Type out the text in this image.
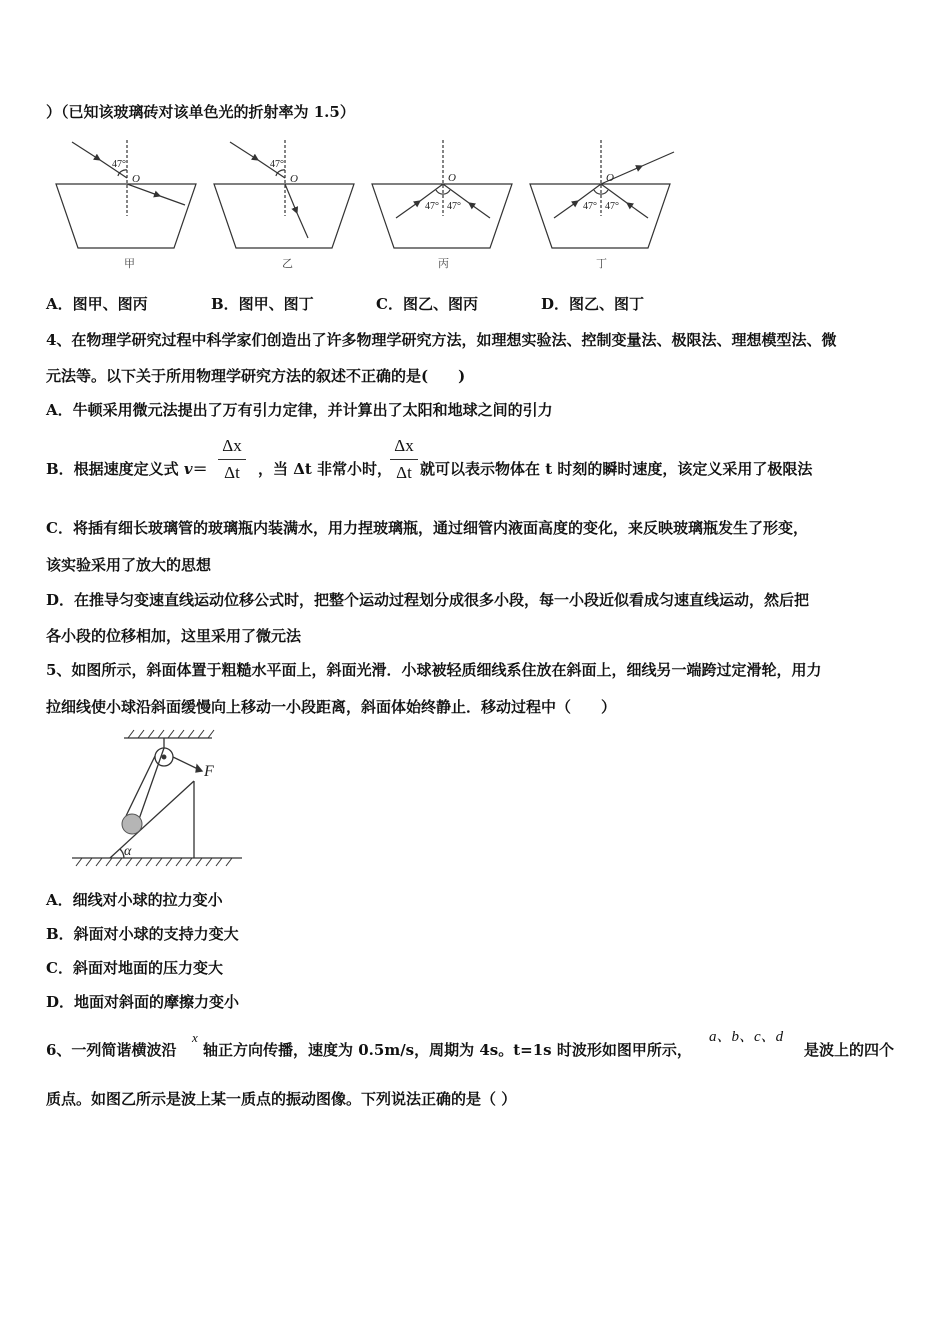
）（已知该玻璃砖对该单色光的折射率为 1.5）
47°
O
47°
O	O
47° 47°
O
47° 47°
甲	乙	丙	丁
A．图甲、图丙	B．图甲、图丁	C．图乙、图丙	D．图乙、图丁
4、在物理学研究过程中科学家们创造出了许多物理学研究方法，如理想实验法、控制变量法、极限法、理想模型法、微
元法等。以下关于所用物理学研究方法的叙述不正确的是(　　)
A．牛顿采用微元法提出了万有引力定律，并计算出了太阳和地球之间的引力
B．根据速度定义式 v＝
Δx
Δt	，当 Δt 非常小时，
Δx
Δt 就可以表示物体在 t 时刻的瞬时速度，该定义采用了极限法
C．将插有细长玻璃管的玻璃瓶内装满水，用力捏玻璃瓶，通过细管内液面高度的变化，来反映玻璃瓶发生了形变，
该实验采用了放大的思想
D．在推导匀变速直线运动位移公式时，把整个运动过程划分成很多小段，每一小段近似看成匀速直线运动，然后把
各小段的位移相加，这里采用了微元法
5、如图所示，斜面体置于粗糙水平面上，斜面光滑．小球被轻质细线系住放在斜面上，细线另一端跨过定滑轮，用力
拉细线使小球沿斜面缓慢向上移动一小段距离，斜面体始终静止．移动过程中（　　）
F
α
A．细线对小球的拉力变小
B．斜面对小球的支持力变大
C．斜面对地面的压力变大
D．地面对斜面的摩擦力变小
6、一列简谐横波沿
x
轴正方向传播，速度为 0.5m/s，周期为 4s。t=1s 时波形如图甲所示，
a、b、c、d
是波上的四个
质点。如图乙所示是波上某一质点的振动图像。下列说法正确的是（ ）
